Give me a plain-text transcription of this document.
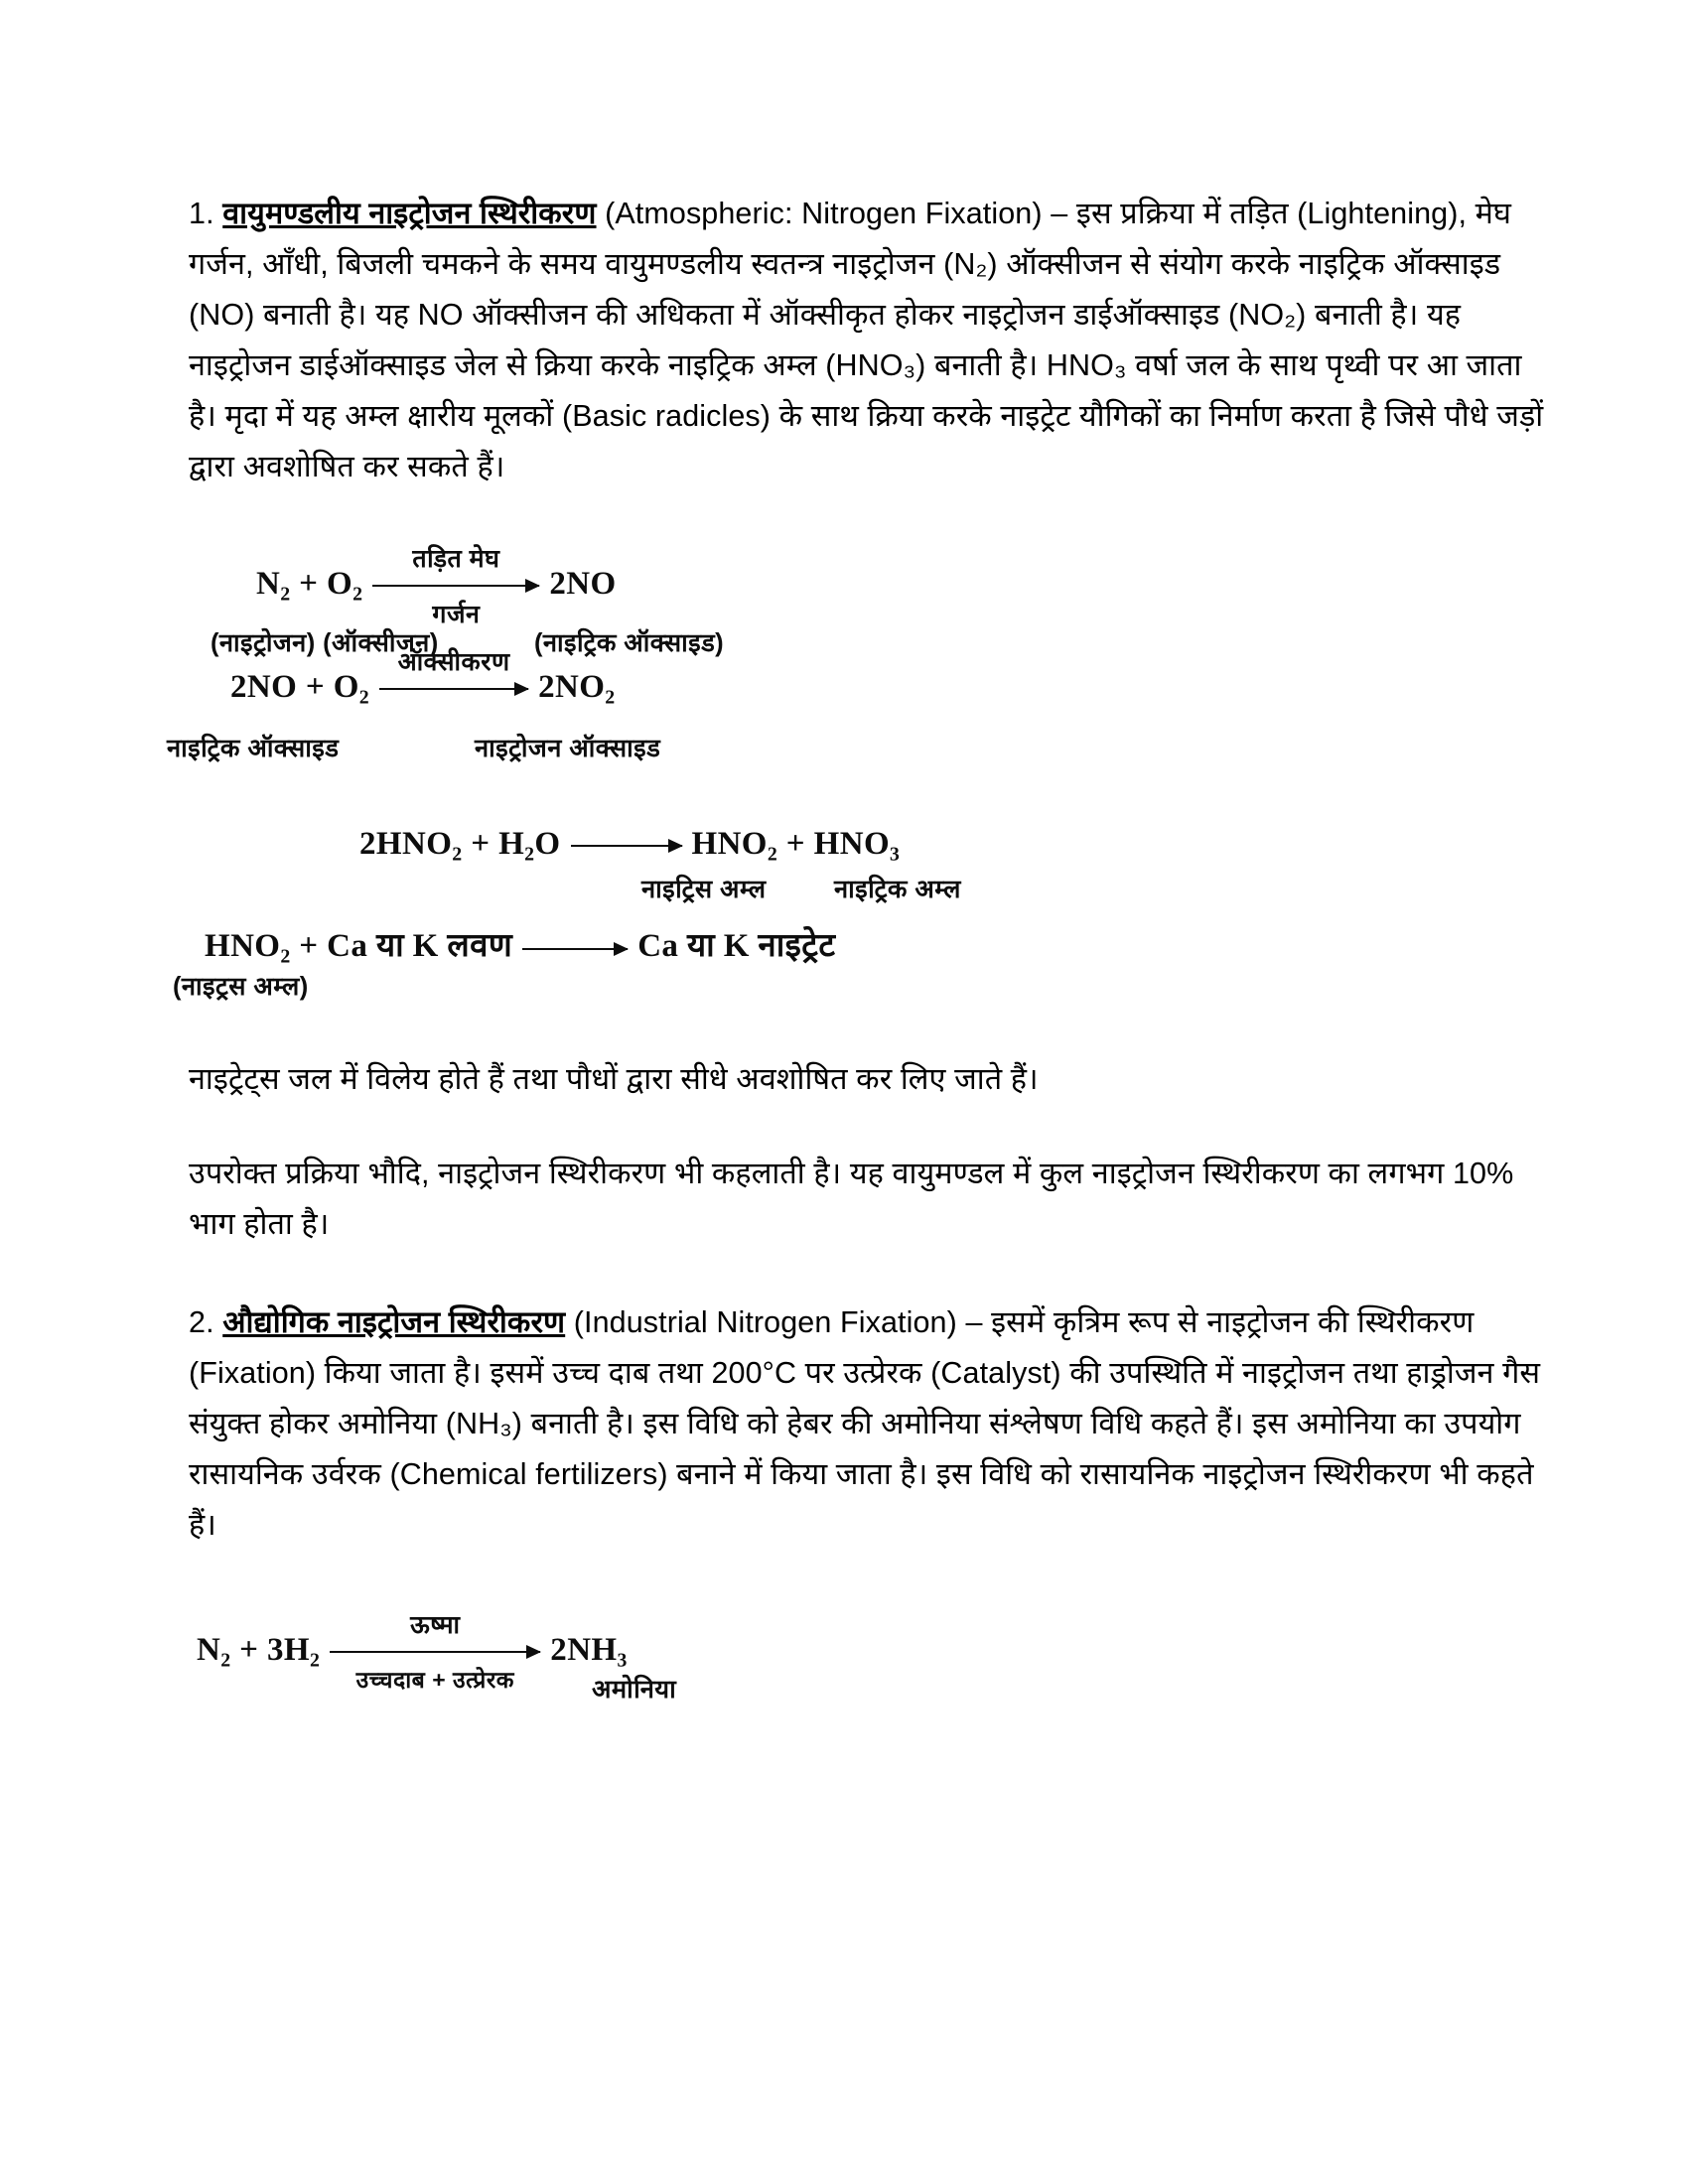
1. वायुमण्डलीय नाइट्रोजन स्थिरीकरण (Atmospheric: Nitrogen Fixation) – इस प्रक्रिया में तड़ित (Lightening), मेघ गर्जन, आँधी, बिजली चमकने के समय वायुमण्डलीय स्वतन्त्र नाइट्रोजन (N₂) ऑक्सीजन से संयोग करके नाइट्रिक ऑक्साइड (NO) बनाती है। यह NO ऑक्सीजन की अधिकता में ऑक्सीकृत होकर नाइट्रोजन डाईऑक्साइड (NO₂) बनाती है। यह नाइट्रोजन डाईऑक्साइड जेल से क्रिया करके नाइट्रिक अम्ल (HNO₃) बनाती है। HNO₃ वर्षा जल के साथ पृथ्वी पर आ जाता है। मृदा में यह अम्ल क्षारीय मूलकों (Basic radicles) के साथ क्रिया करके नाइट्रेट यौगिकों का निर्माण करता है जिसे पौधे जड़ों द्वारा अवशोषित कर सकते हैं।
N₂ + O₂
तड़ित मेघ
गर्जन
2NO
(नाइट्रोजन) (ऑक्सीजन)	(नाइट्रिक ऑक्साइड)
2NO + O₂
ऑक्सीकरण
2NO₂
नाइट्रिक ऑक्साइड	नाइट्रोजन ऑक्साइड
2HNO₂ + H₂O	HNO₂ + HNO₃
नाइट्रिस अम्ल	नाइट्रिक अम्ल
HNO₂ + Ca या K लवण	Ca या K नाइट्रेट
(नाइट्रस अम्ल)
नाइट्रेट्स जल में विलेय होते हैं तथा पौधों द्वारा सीधे अवशोषित कर लिए जाते हैं।
उपरोक्त प्रक्रिया भौदि, नाइट्रोजन स्थिरीकरण भी कहलाती है। यह वायुमण्डल में कुल नाइट्रोजन स्थिरीकरण का लगभग 10% भाग होता है।
2. औद्योगिक नाइट्रोजन स्थिरीकरण (Industrial Nitrogen Fixation) – इसमें कृत्रिम रूप से नाइट्रोजन की स्थिरीकरण (Fixation) किया जाता है। इसमें उच्च दाब तथा 200°C पर उत्प्रेरक (Catalyst) की उपस्थिति में नाइट्रोजन तथा हाड्रोजन गैस संयुक्त होकर अमोनिया (NH₃) बनाती है। इस विधि को हेबर की अमोनिया संश्लेषण विधि कहते हैं। इस अमोनिया का उपयोग रासायनिक उर्वरक (Chemical fertilizers) बनाने में किया जाता है। इस विधि को रासायनिक नाइट्रोजन स्थिरीकरण भी कहते हैं।
N₂ + 3H₂
ऊष्मा
उच्चदाब + उत्प्रेरक
2NH₃
अमोनिया
